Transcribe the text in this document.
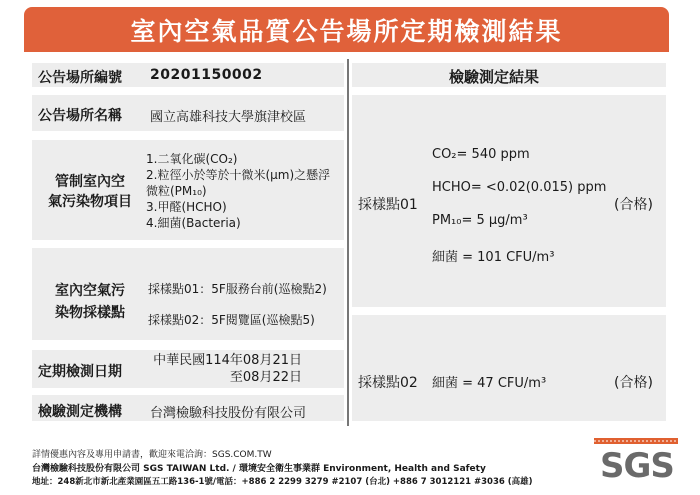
室內空氣品質公告場所定期檢測結果
公告場所編號 20201150002
公告場所名稱 國立高雄科技大學旗津校區
管制室內空
氣污染物項目
1.二氧化碳(CO₂)
2.粒徑小於等於十微米(μm)之懸浮
微粒(PM₁₀)
3.甲醛(HCHO)
4.細菌(Bacteria)
室內空氣污
染物採樣點
採樣點01：5F服務台前(巡檢點2)
採樣點02：5F閱覽區(巡檢點5)
定期檢測日期
中華民國114年08月21日
至08月22日
檢驗測定機構 台灣檢驗科技股份有限公司
檢驗測定結果
採樣點01
CO₂= 540 ppm
HCHO= <0.02(0.015) ppm
PM₁₀= 5 μg/m³
細菌 = 101 CFU/m³
(合格)
採樣點02 細菌 = 47 CFU/m³	(合格)
詳情優惠內容及專用申請書，歡迎來電洽詢：SGS.COM.TW
台灣檢驗科技股份有限公司 SGS TAIWAN Ltd. / 環境安全衛生事業群 Environment, Health and Safety
地址：248新北市新北產業園區五工路136-1號/電話：+886 2 2299 3279 #2107 (台北) +886 7 3012121 #3036 (高雄) SGS
